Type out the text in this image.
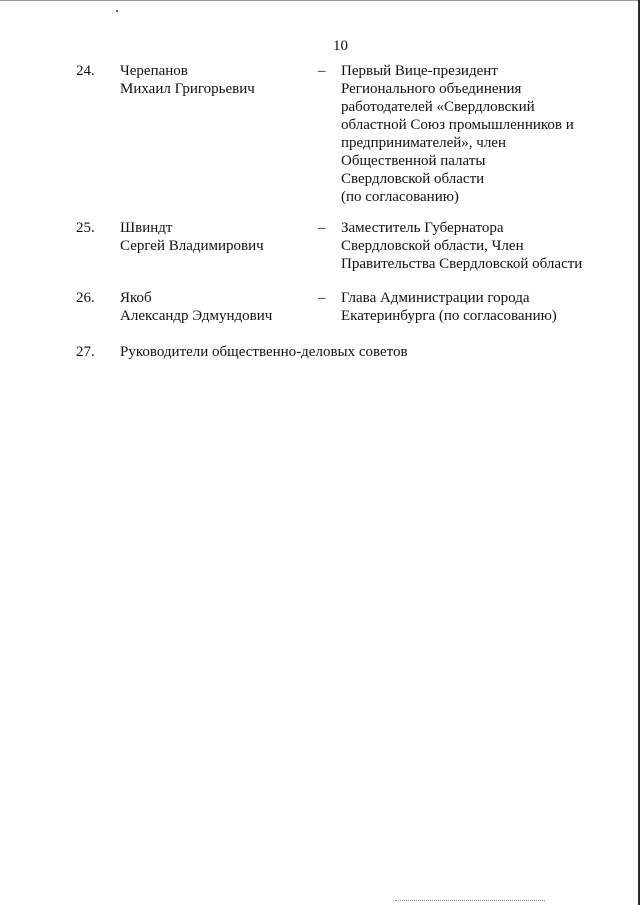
10
24. Черепанов
Михаил Григорьевич
– Первый Вице-президент
Регионального объединения
работодателей «Свердловский
областной Союз промышленников и
предпринимателей», член
Общественной палаты
Свердловской области
(по согласованию)
25. Швиндт
Сергей Владимирович
– Заместитель Губернатора
Свердловской области, Член
Правительства Свердловской области
26. Якоб
Александр Эдмундович
– Глава Администрации города
Екатеринбурга (по согласованию)
27. Руководители общественно-деловых советов
